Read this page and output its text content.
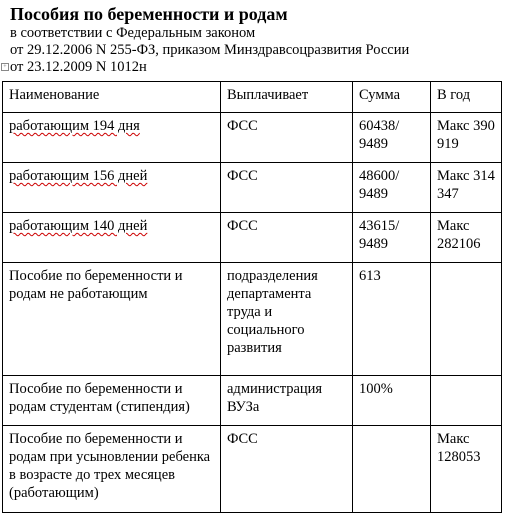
Пособия по беременности и родам
в соответствии с Федеральным законом
от 29.12.2006 N 255-ФЗ, приказом Минздравсоцразвития России
+ от 23.12.2009 N 1012н
Наименование	Выплачивает	Сумма	В год
работающим 194 дня	ФСС	60438/ 9489	Макс 390 919
работающим 156 дней	ФСС	48600/ 9489	Макс 314 347
работающим 140 дней	ФСС	43615/ 9489	Макс 282106
Пособие по беременности и родам не работающим	подразделения департамента труда и социального развития	613	
Пособие по беременности и родам студентам (стипендия)	администрация ВУЗа	100%	
Пособие по беременности и родам при усыновлении ребенка в возрасте до трех месяцев (работающим)	ФСС		Макс 128053
